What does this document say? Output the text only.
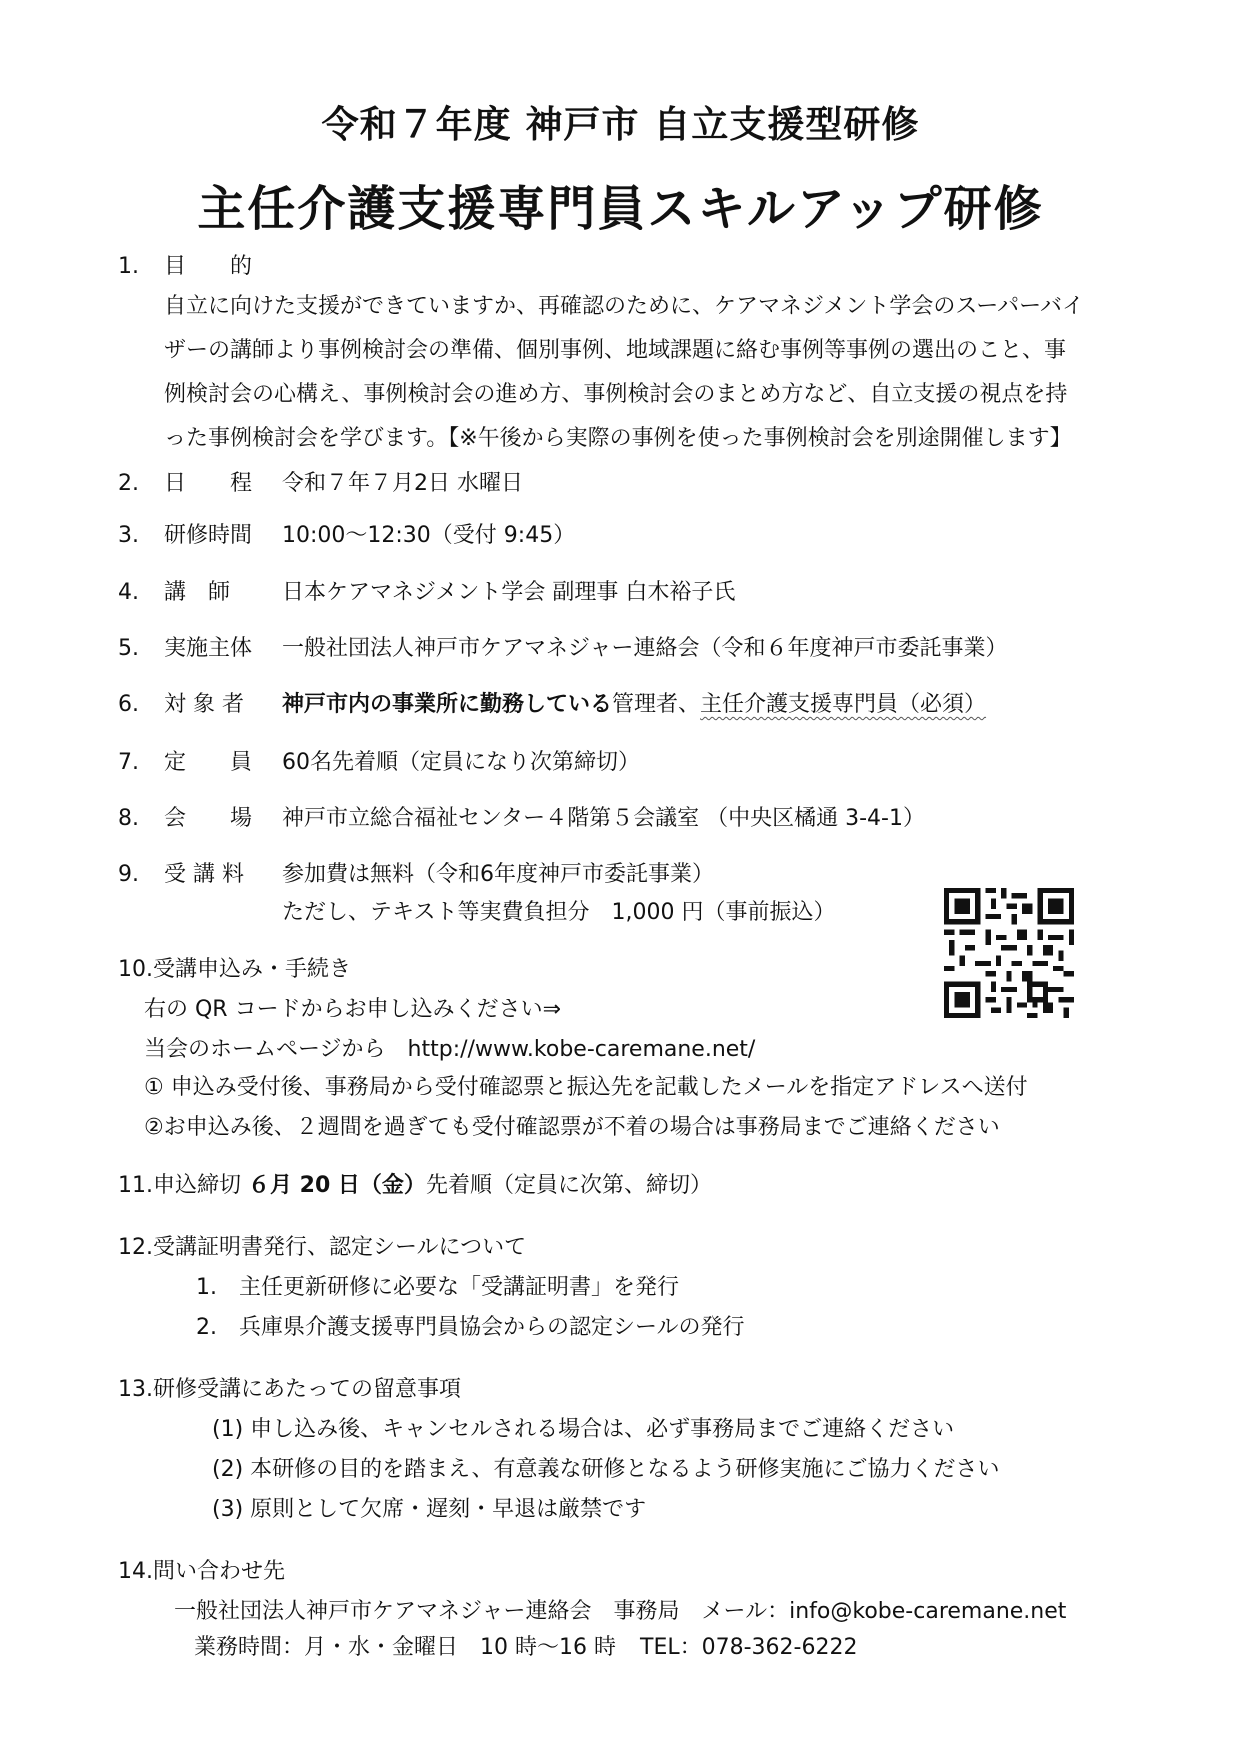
令和７年度 神戸市 自立支援型研修
主任介護支援専門員スキルアップ研修
1. 目　　的
自立に向けた支援ができていますか、再確認のために、ケアマネジメント学会のスーパーバイ
ザーの講師より事例検討会の準備、個別事例、地域課題に絡む事例等事例の選出のこと、事
例検討会の心構え、事例検討会の進め方、事例検討会のまとめ方など、自立支援の視点を持
った事例検討会を学びます。【※午後から実際の事例を使った事例検討会を別途開催します】
2. 日　　程 令和７年７月2日 水曜日
3. 研修時間 10:00～12:30（受付 9:45）
4. 講　師 日本ケアマネジメント学会 副理事 白木裕子氏
5. 実施主体 一般社団法人神戸市ケアマネジャー連絡会（令和６年度神戸市委託事業）
6. 対 象 者 神戸市内の事業所に勤務している管理者、主任介護支援専門員（必須）
7. 定　　員 60名先着順（定員になり次第締切）
8. 会　　場 神戸市立総合福祉センター４階第５会議室 （中央区橘通 3-4-1）
9. 受 講 料 参加費は無料（令和6年度神戸市委託事業）
ただし、テキスト等実費負担分　1,000 円（事前振込）
10.受講申込み・手続き
右の QR コードからお申し込みください⇒
当会のホームページから　http://www.kobe-caremane.net/
① 申込み受付後、事務局から受付確認票と振込先を記載したメールを指定アドレスへ送付
②お申込み後、２週間を過ぎても受付確認票が不着の場合は事務局までご連絡ください
11.申込締切 ６月 20 日（金）先着順（定員に次第、締切）
12.受講証明書発行、認定シールについて
1.　主任更新研修に必要な「受講証明書」を発行
2.　兵庫県介護支援専門員協会からの認定シールの発行
13.研修受講にあたっての留意事項
(1) 申し込み後、キャンセルされる場合は、必ず事務局までご連絡ください
(2) 本研修の目的を踏まえ、有意義な研修となるよう研修実施にご協力ください
(3) 原則として欠席・遅刻・早退は厳禁です
14.問い合わせ先
一般社団法人神戸市ケアマネジャー連絡会　事務局　メール：info@kobe-caremane.net
業務時間：月・水・金曜日　10 時～16 時 TEL：078-362-6222
